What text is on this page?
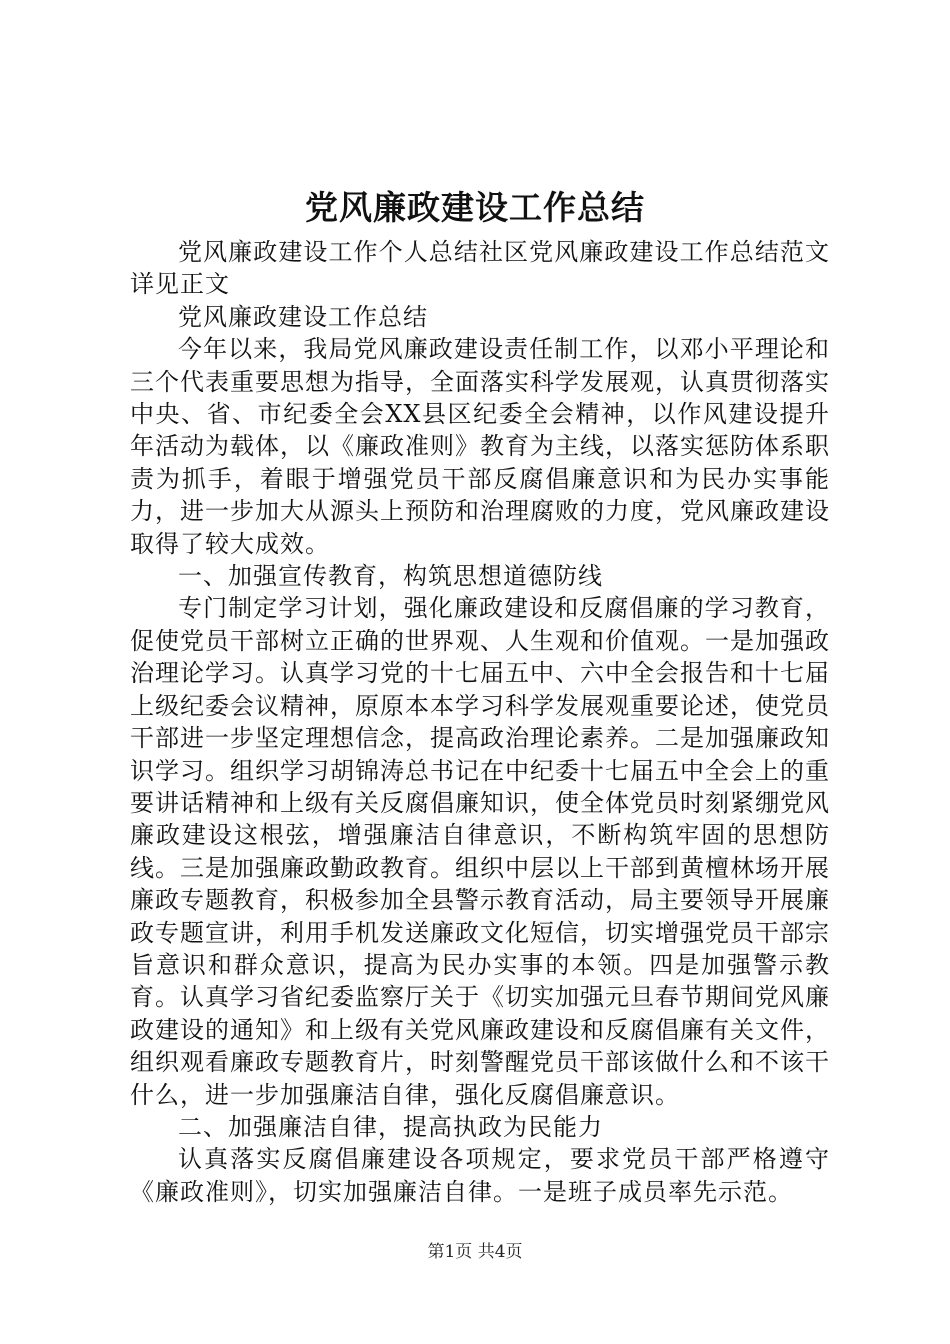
党风廉政建设工作总结

党风廉政建设工作个人总结社区党风廉政建设工作总结范文详见正文

党风廉政建设工作总结

今年以来，我局党风廉政建设责任制工作，以邓小平理论和三个代表重要思想为指导，全面落实科学发展观，认真贯彻落实中央、省、市纪委全会XX县区纪委全会精神，以作风建设提升年活动为载体，以《廉政准则》教育为主线，以落实惩防体系职责为抓手，着眼于增强党员干部反腐倡廉意识和为民办实事能力，进一步加大从源头上预防和治理腐败的力度，党风廉政建设取得了较大成效。

一、加强宣传教育，构筑思想道德防线

专门制定学习计划，强化廉政建设和反腐倡廉的学习教育，促使党员干部树立正确的世界观、人生观和价值观。一是加强政治理论学习。认真学习党的十七届五中、六中全会报告和十七届上级纪委会议精神，原原本本学习科学发展观重要论述，使党员干部进一步坚定理想信念，提高政治理论素养。二是加强廉政知识学习。组织学习胡锦涛总书记在中纪委十七届五中全会上的重要讲话精神和上级有关反腐倡廉知识，使全体党员时刻紧绷党风廉政建设这根弦，增强廉洁自律意识，不断构筑牢固的思想防线。三是加强廉政勤政教育。组织中层以上干部到黄檀林场开展廉政专题教育，积极参加全县警示教育活动，局主要领导开展廉政专题宣讲，利用手机发送廉政文化短信，切实增强党员干部宗旨意识和群众意识，提高为民办实事的本领。四是加强警示教育。认真学习省纪委监察厅关于《切实加强元旦春节期间党风廉政建设的通知》和上级有关党风廉政建设和反腐倡廉有关文件，组织观看廉政专题教育片，时刻警醒党员干部该做什么和不该干什么，进一步加强廉洁自律，强化反腐倡廉意识。

二、加强廉洁自律，提高执政为民能力

认真落实反腐倡廉建设各项规定，要求党员干部严格遵守《廉政准则》，切实加强廉洁自律。一是班子成员率先示范。

第1页 共4页
